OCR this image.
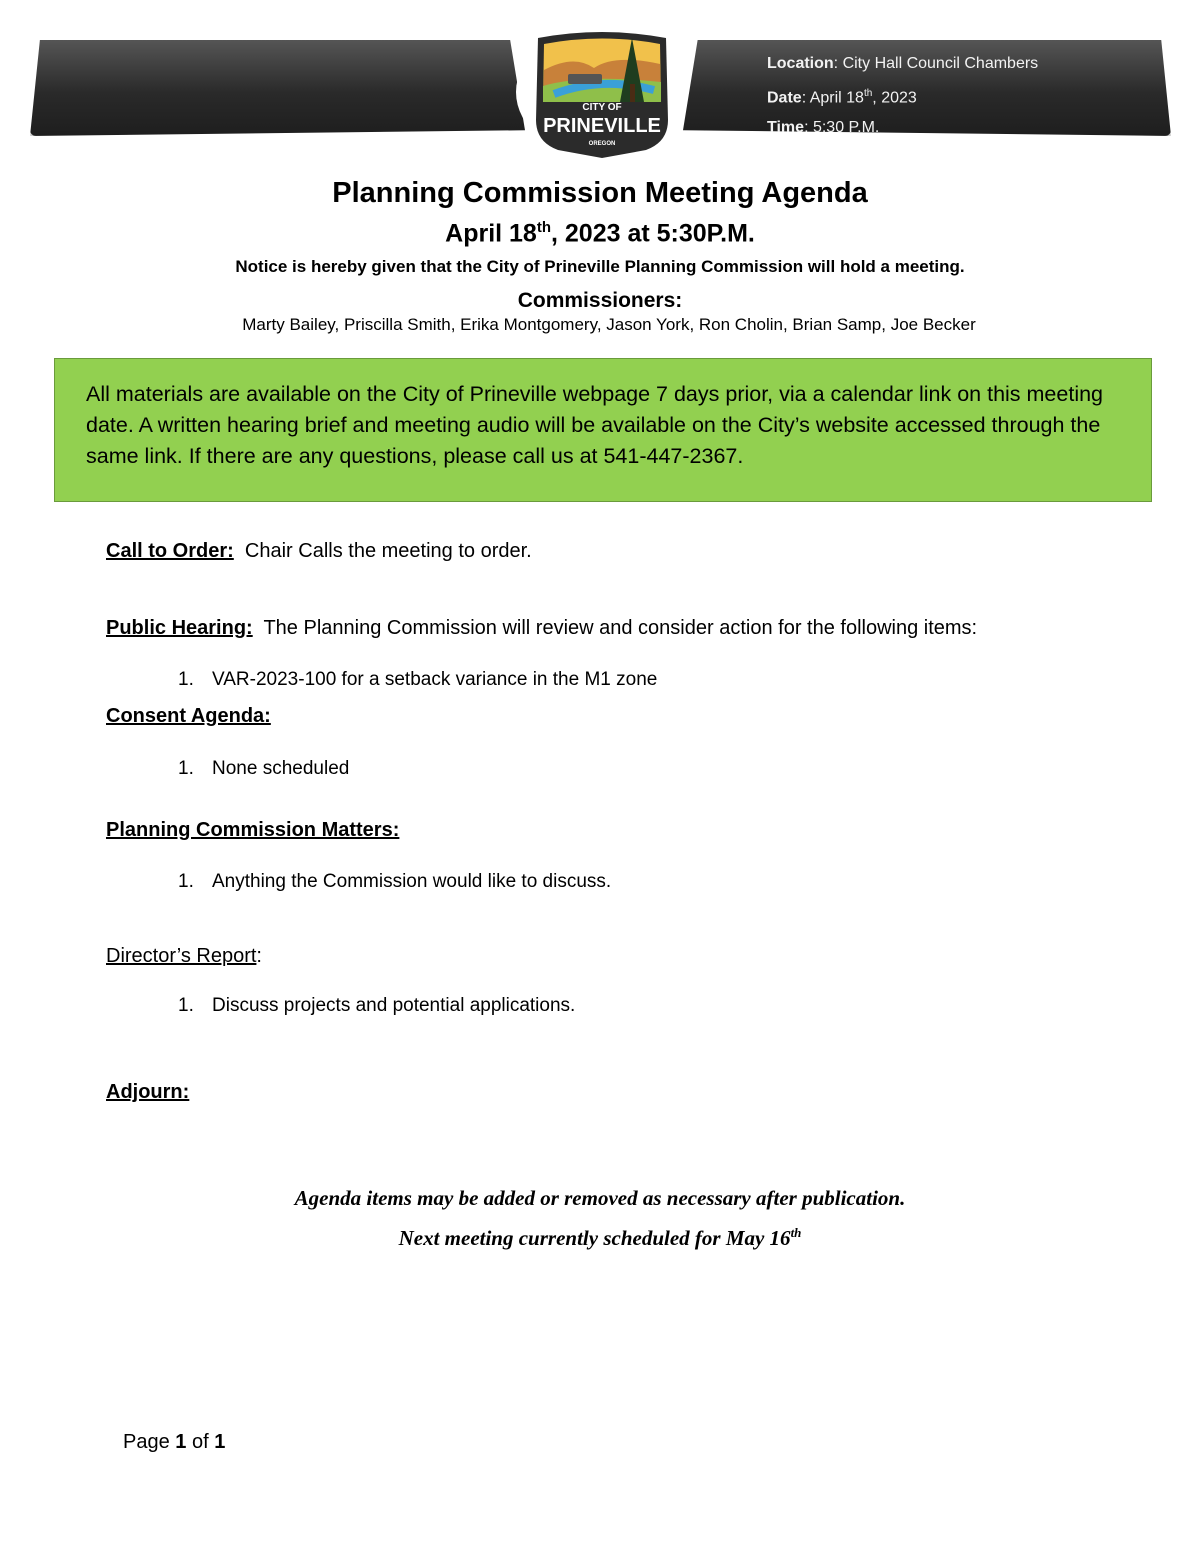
Location: City Hall Council Chambers
Date: April 18th, 2023
Time: 5:30 P.M.
CITY OF
PRINEVILLE
OREGON
Planning Commission Meeting Agenda
April 18th, 2023 at 5:30P.M.
Notice is hereby given that the City of Prineville Planning Commission will hold a meeting.
Commissioners:
Marty Bailey, Priscilla Smith, Erika Montgomery, Jason York, Ron Cholin, Brian Samp, Joe Becker

All materials are available on the City of Prineville webpage 7 days prior, via a calendar link on this meeting date. A written hearing brief and meeting audio will be available on the City’s website accessed through the same link. If there are any questions, please call us at 541-447-2367.

Call to Order:  Chair Calls the meeting to order.
Public Hearing:  The Planning Commission will review and consider action for the following items:
1. VAR-2023-100 for a setback variance in the M1 zone
Consent Agenda:
1. None scheduled
Planning Commission Matters:
1. Anything the Commission would like to discuss.
Director’s Report:
1. Discuss projects and potential applications.
Adjourn:
Agenda items may be added or removed as necessary after publication.
Next meeting currently scheduled for May 16th
Page 1 of 1
